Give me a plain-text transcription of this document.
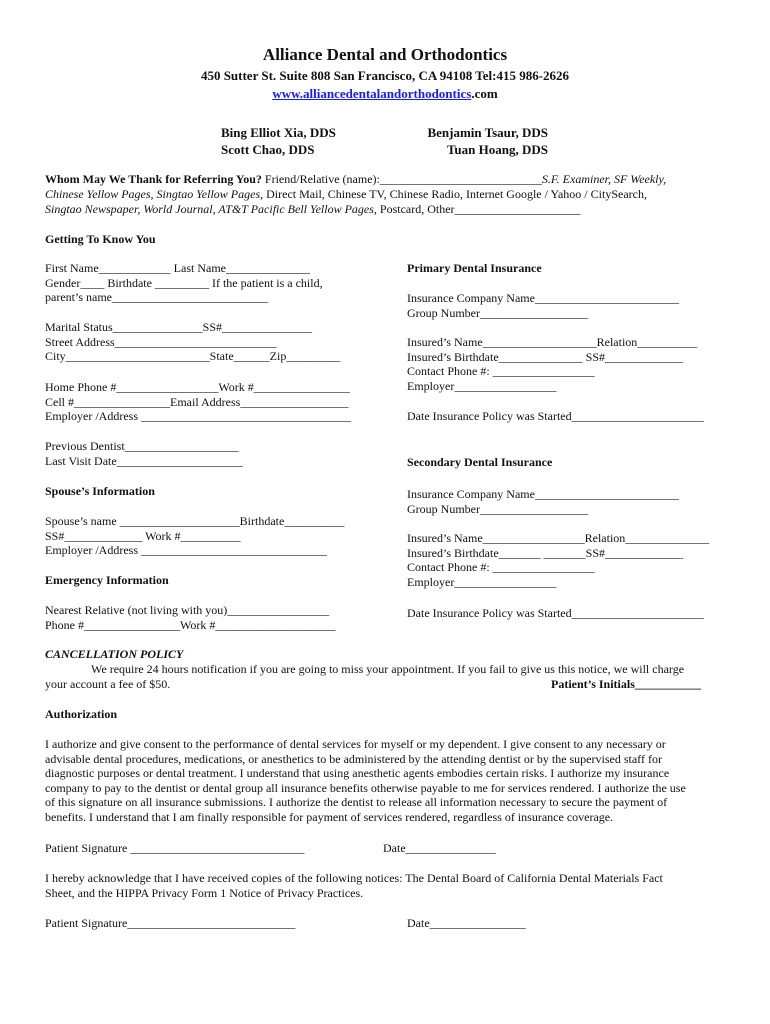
Alliance Dental and Orthodontics
450 Sutter St. Suite 808 San Francisco, CA 94108 Tel:415 986-2626
www.alliancedentalandorthodontics.com
Bing Elliot Xia, DDS
Scott Chao, DDS
Benjamin Tsaur, DDS
Tuan Hoang, DDS
Whom May We Thank for Referring You? Friend/Relative (name):___________________________S.F. Examiner, SF Weekly,
Chinese Yellow Pages, Singtao Yellow Pages, Direct Mail, Chinese TV, Chinese Radio, Internet Google / Yahoo / CitySearch,
Singtao Newspaper, World Journal, AT&T Pacific Bell Yellow Pages, Postcard, Other_____________________
Getting To Know You
First Name____________ Last Name______________
Gender____ Birthdate _________ If the patient is a child,
parent’s name__________________________
Marital Status_______________SS#_______________
Street Address___________________________
City________________________State______Zip_________
Home Phone #_________________Work #________________
Cell #________________Email Address__________________
Employer /Address ___________________________________
Previous Dentist___________________
Last Visit Date_____________________
Spouse’s Information
Spouse’s name ____________________Birthdate__________
SS#_____________ Work #__________
Employer /Address _______________________________
Emergency Information
Nearest Relative (not living with you)_________________
Phone #________________Work #____________________
Primary Dental Insurance
Insurance Company Name________________________
Group Number__________________
Insured’s Name___________________Relation__________
Insured’s Birthdate______________ SS#_____________
Contact Phone #: _________________
Employer_________________
Date Insurance Policy was Started______________________
Secondary Dental Insurance
Insurance Company Name________________________
Group Number__________________
Insured’s Name_________________Relation______________
Insured’s Birthdate_______ _______SS#_____________
Contact Phone #: _________________
Employer_________________
Date Insurance Policy was Started______________________
CANCELLATION POLICY
We require 24 hours notification if you are going to miss your appointment. If you fail to give us this notice, we will charge
your account a fee of $50.	Patient’s Initials___________
Authorization
I authorize and give consent to the performance of dental services for myself or my dependent. I give consent to any necessary or
advisable dental procedures, medications, or anesthetics to be administered by the attending dentist or by the supervised staff for
diagnostic purposes or dental treatment. I understand that using anesthetic agents embodies certain risks. I authorize my insurance
company to pay to the dentist or dental group all insurance benefits otherwise payable to me for services rendered. I authorize the use
of this signature on all insurance submissions. I authorize the dentist to release all information necessary to secure the payment of
benefits. I understand that I am finally responsible for payment of services rendered, regardless of insurance coverage.
Patient Signature _____________________________	Date_______________
I hereby acknowledge that I have received copies of the following notices: The Dental Board of California Dental Materials Fact
Sheet, and the HIPPA Privacy Form 1 Notice of Privacy Practices.
Patient Signature____________________________	Date________________
